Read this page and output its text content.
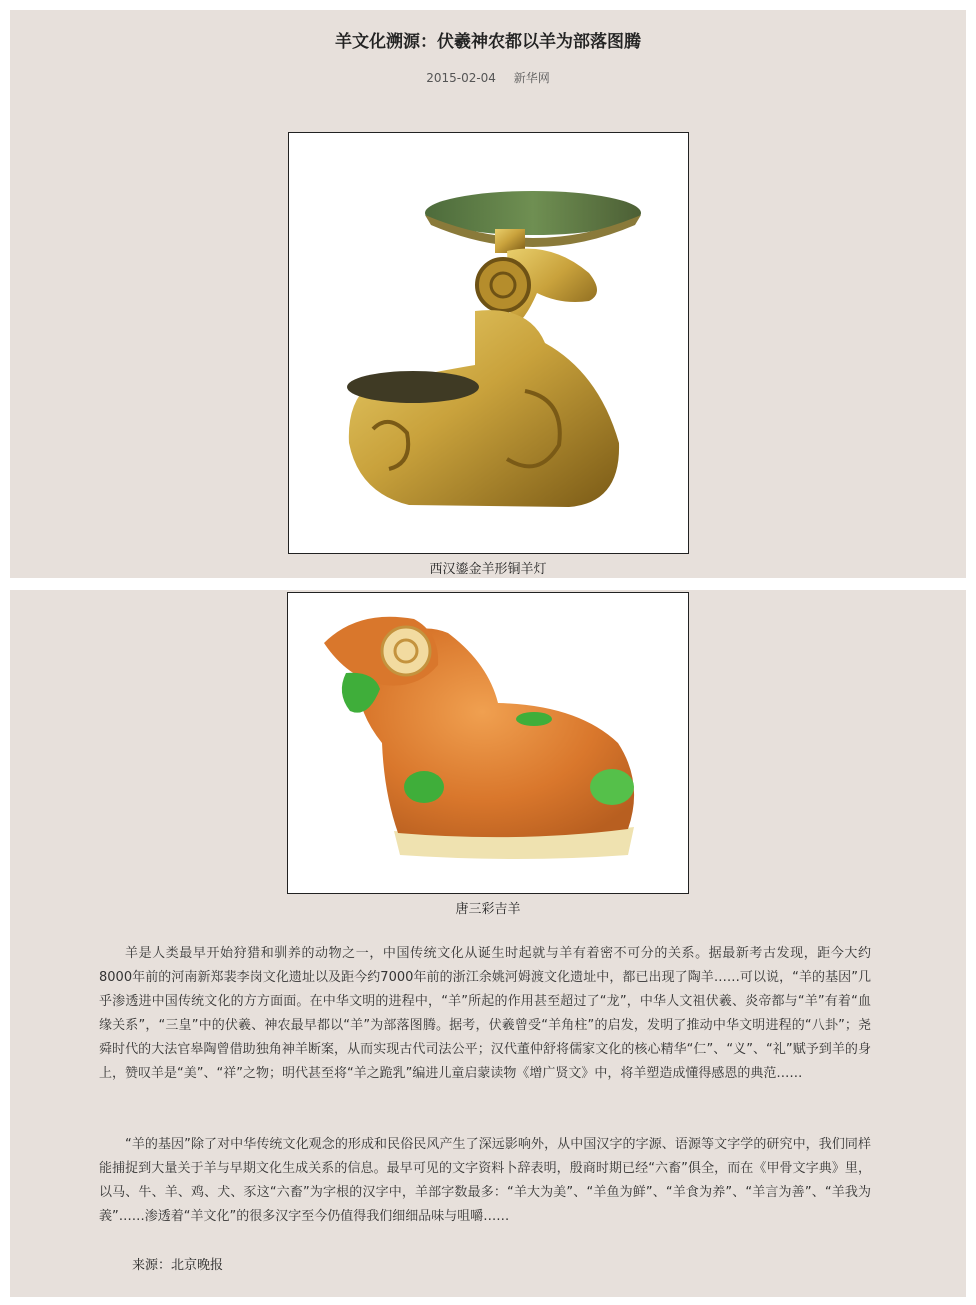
羊文化溯源：伏羲神农都以羊为部落图腾
2015-02-04 新华网
西汉鎏金羊形铜羊灯
唐三彩吉羊

羊是人类最早开始狩猎和驯养的动物之一，中国传统文化从诞生时起就与羊有着密不可分的关系。据最新考古发现，距今大约8000年前的河南新郑裴李岗文化遗址以及距今约7000年前的浙江余姚河姆渡文化遗址中，都已出现了陶羊……可以说，“羊的基因”几乎渗透进中国传统文化的方方面面。在中华文明的进程中，“羊”所起的作用甚至超过了“龙”，中华人文祖伏羲、炎帝都与“羊”有着“血缘关系”，“三皇”中的伏羲、神农最早都以“羊”为部落图腾。据考，伏羲曾受“羊角柱”的启发，发明了推动中华文明进程的“八卦”；尧舜时代的大法官皋陶曾借助独角神羊断案，从而实现古代司法公平；汉代董仲舒将儒家文化的核心精华“仁”、“义”、“礼”赋予到羊的身上，赞叹羊是“美”、“祥”之物；明代甚至将“羊之跪乳”编进儿童启蒙读物《增广贤文》中，将羊塑造成懂得感恩的典范……

“羊的基因”除了对中华传统文化观念的形成和民俗民风产生了深远影响外，从中国汉字的字源、语源等文字学的研究中，我们同样能捕捉到大量关于羊与早期文化生成关系的信息。最早可见的文字资料卜辞表明，殷商时期已经“六畜”俱全，而在《甲骨文字典》里，以马、牛、羊、鸡、犬、豕这“六畜”为字根的汉字中，羊部字数最多：“羊大为美”、“羊鱼为鲜”、“羊食为养”、“羊言为善”、“羊我为義”……渗透着“羊文化”的很多汉字至今仍值得我们细细品味与咀嚼……

来源：北京晚报
